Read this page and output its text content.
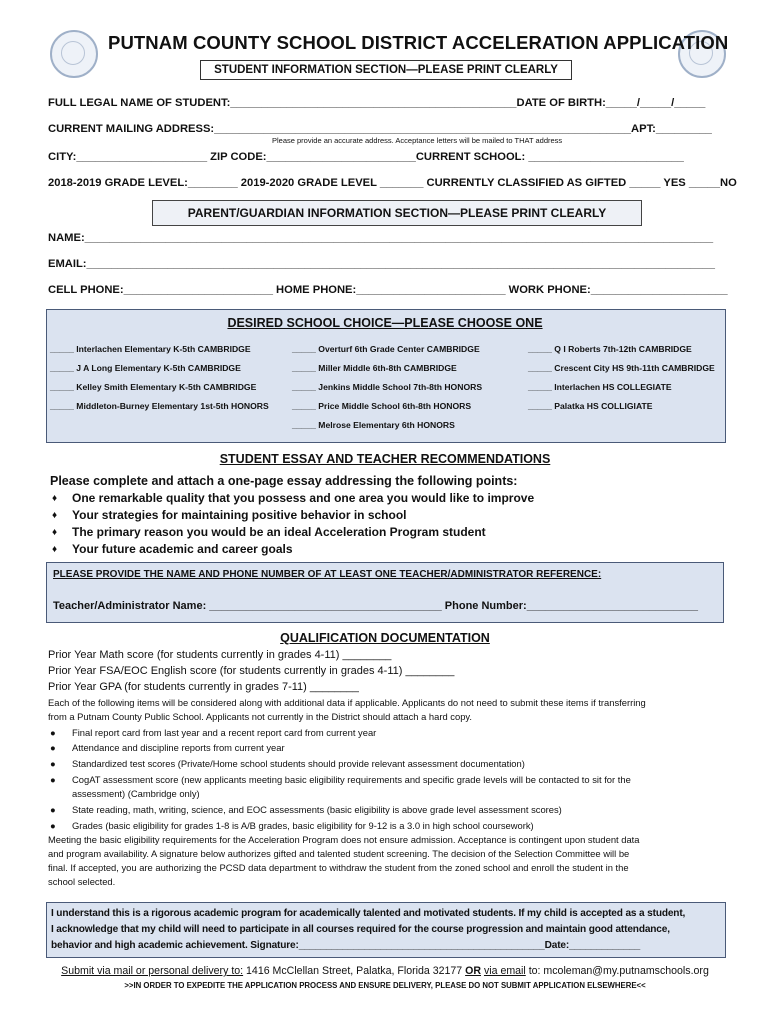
PUTNAM COUNTY SCHOOL DISTRICT ACCELERATION APPLICATION
STUDENT INFORMATION SECTION—PLEASE PRINT CLEARLY
FULL LEGAL NAME OF STUDENT:______________________________________________DATE OF BIRTH:_____/_____/_____
CURRENT MAILING ADDRESS:___________________________________________________________________APT:_________
Please provide an accurate address. Acceptance letters will be mailed to THAT address
CITY:_____________________ ZIP CODE:________________________CURRENT SCHOOL: _________________________
2018-2019 GRADE LEVEL:________ 2019-2020 GRADE LEVEL _______ CURRENTLY CLASSIFIED AS GIFTED _____ YES _____NO
PARENT/GUARDIAN INFORMATION SECTION—PLEASE PRINT CLEARLY
NAME:_____________________________________________________________________________________________________
EMAIL:_____________________________________________________________________________________________________
CELL PHONE:________________________ HOME PHONE:________________________ WORK PHONE:______________________
DESIRED SCHOOL CHOICE—PLEASE CHOOSE ONE
_____ Interlachen Elementary K-5th CAMBRIDGE
_____ J A Long Elementary K-5th CAMBRIDGE
_____ Kelley Smith Elementary K-5th CAMBRIDGE
_____ Middleton-Burney Elementary 1st-5th HONORS
_____ Overturf 6th Grade Center CAMBRIDGE
_____ Miller Middle 6th-8th CAMBRIDGE
_____ Jenkins Middle School 7th-8th HONORS
_____ Price Middle School 6th-8th HONORS
_____ Melrose Elementary 6th HONORS
_____ Q I Roberts 7th-12th CAMBRIDGE
_____ Crescent City HS 9th-11th CAMBRIDGE
_____ Interlachen HS COLLEGIATE
_____ Palatka HS COLLIGIATE
STUDENT ESSAY AND TEACHER RECOMMENDATIONS
Please complete and attach a one-page essay addressing the following points:
♦ One remarkable quality that you possess and one area you would like to improve
♦ Your strategies for maintaining positive behavior in school
♦ The primary reason you would be an ideal Acceleration Program student
♦ Your future academic and career goals
PLEASE PROVIDE THE NAME AND PHONE NUMBER OF AT LEAST ONE TEACHER/ADMINISTRATOR REFERENCE:
Teacher/Administrator Name: ______________________________________ Phone Number:____________________________
QUALIFICATION DOCUMENTATION
Prior Year Math score (for students currently in grades 4-11) ________
Prior Year FSA/EOC English score (for students currently in grades 4-11) ________
Prior Year GPA (for students currently in grades 7-11) ________
Each of the following items will be considered along with additional data if applicable. Applicants do not need to submit these items if transferring
from a Putnam County Public School. Applicants not currently in the District should attach a hard copy.
● Final report card from last year and a recent report card from current year
● Attendance and discipline reports from current year
● Standardized test scores (Private/Home school students should provide relevant assessment documentation)
● CogAT assessment score (new applicants meeting basic eligibility requirements and specific grade levels will be contacted to sit for the
assessment) (Cambridge only)
● State reading, math, writing, science, and EOC assessments (basic eligibility is above grade level assessment scores)
● Grades (basic eligibility for grades 1-8 is A/B grades, basic eligibility for 9-12 is a 3.0 in high school coursework)
Meeting the basic eligibility requirements for the Acceleration Program does not ensure admission. Acceptance is contingent upon student data
and program availability. A signature below authorizes gifted and talented student screening. The decision of the Selection Committee will be
final. If accepted, you are authorizing the PCSD data department to withdraw the student from the zoned school and enroll the student in the
school selected.
I understand this is a rigorous academic program for academically talented and motivated students. If my child is accepted as a student,
I acknowledge that my child will need to participate in all courses required for the course progression and maintain good attendance,
behavior and high academic achievement. Signature:_____________________________________________Date:_____________
Submit via mail or personal delivery to: 1416 McClellan Street, Palatka, Florida 32177 OR via email to: mcoleman@my.putnamschools.org
>>IN ORDER TO EXPEDITE THE APPLICATION PROCESS AND ENSURE DELIVERY, PLEASE DO NOT SUBMIT APPLICATION ELSEWHERE<<
